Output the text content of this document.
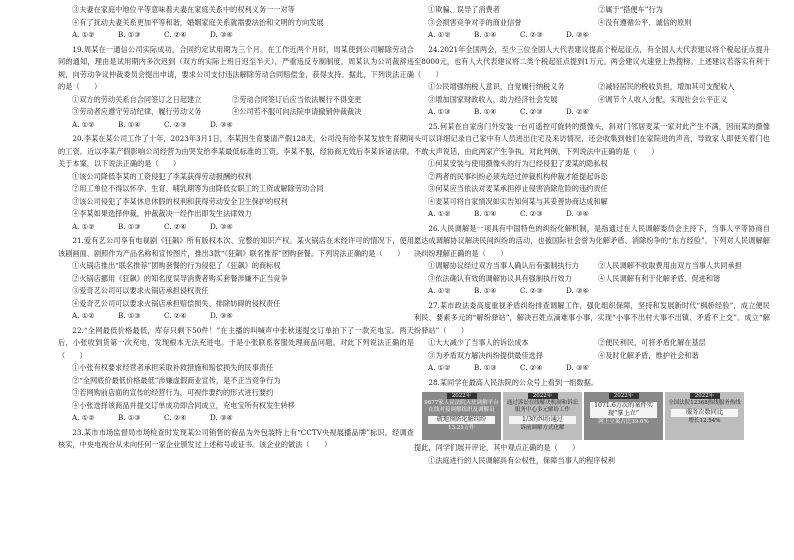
③夫妻在家庭中地位平等意味着夫妻在家庭关系中的权利义务一一对等
④有了抚动夫妻关系更加平等和谐，婚姻家庭关系就需要法治和文明的方向发展
A. ①②	B. ①③	C. ②④	D. ③④
19.周某在一通信公司实际成功，合同约定试用期为三个月。在工作近两个月时，周某使到公司解除劳动合同的通知，理由是试用期内多次迟到（双方的实际上班日迟至半天），严重违反专制制度。周某认为公司裁辞违规，向劳动争议仲裁委员会提出申请，要求公司支付违法解除劳动合同赔偿金，获得支持。据此，下列说法正确的是（　　）
①双方的劳动关系自合同签订之日起建立	②劳动合同签订后应当依法履行不得变更
③劳动者应遵守劳动纪律，履行劳动义务	④公司若不服可向法院申请撤销仲裁裁决
A. ①②	B. ①④	C. ②③	D. ③④
20.李某在某公司工作了十年，2023年3月1日，李某因生育要请产假128天，公司没有给李某发放生育期间的工资。近以李某产假影响公司经营为由哭发给李某最低标准的工资。李某不服，经协商无效后李某诉诸法律。关于本案，以下说法正确的是（　　）
①该公司降低李某的工资侵犯了李某获得劳动报酬的权利
②用工单位不得以怀孕、生育、哺乳期等为由降低女职工的工资或解除劳动合同
③该公司侵犯了李某休息休假的权利和获得劳动安全卫生保护的权利
④李某如果选择仲裁，仲裁裁决一经作出即发生法律效力
A. ①②	B. ①③	C. ②④	D. ③④
21.爱有艺公司享有电视剧《狂飙》所有版权本次、完整的知识产权。某火锅店在未经许可的情况下，使用该剧画面、剧照作为产品名称和宣传图片，推出3款“《狂飙》联名推荐”团购套餐。下列说法正确的是（　　）
①火锅店推出“联名推荐”团购套餐的行为侵犯了《狂飙》的商标权
②火锅店挪用《狂飙》的知名度误导消费者购买套餐涉嫌不正当竞争
③爱奇艺公司可以要求火锅店承担侵权责任
④爱奇艺公司可以要求火锅店承担赔偿损失、排除妨碍的侵权责任
A. ①②	B. ①③	C. ②④	D. ③④
22.“全网最低价格最低，库存只剩下50件！”在主播的叫喊声中张秋速提交订单拍下了一款充电宝。两天后，小张收到货第一次充电，发现根本无法充进电。于是小张联系客服处理商品问题。对此下列说法正确的是（　　）
①小张有权要求经营者承担采取补救措施和赔偿损失的民事责任
②“全网底价最低价格最低”涉嫌虚假商业宣传，是不正当竞争行为
③若网购前店面的宣传的经营行为，可视作要约的形式进行要约
④小张选择该商品并提交订单成功即合同成立，充电宝所有权发生转移
A. ①②	B. ①③	C. ②④	D. ③④
23.某市市场监督局市场检查时发现某公司销售的商品为外包装特上有“CCTV央视展播品牌”标识。经调查核实，中央电视台从未向任何一家企业颁发过上述称号或证书。该企业的做法（　　）
①欺骗、误导了消费者	②属于“搭便车”行为
③会损害竞争对手的商业信誉	④没有遵循公平、诚信的原则
A. ①②	B. ①④	C. ②③	D. ③④
24.2021年全国两会，至少三位全国人大代表建议提高个税起征点，有全国人大代表建议将个税起征点提升至8000元，也有人大代表建议将二类个税起征点提到1万元。两会建议火速登上热搜榜。上述建议若落实有利于（　　）
①公民增强纳税人意识，自觉履行纳税义务	②减轻居民的税收负担，增加其可支配收入
③增加国家财政收入，助力经济社会发展	④调节个人收入分配，实现社会公平正义
A. ①③	B. ①④	C. ②③	D. ②④
25.何某在自家房门外安装一台可遥控可旋转的摄像头，斜对门邻居麦某一家对此产生不满，因而某的摄像头可以详细记录自己家中有人员进出住宅及来访情况，还会收集到他们在家院进的声音，导致家人即使关着门也不敢大声说话，由此两家产生争执。对此判例，下列说法中正确的是（　　）
①何某安装与使用摄像头的行为已经侵犯了麦某的隐私权
②两者的民事纠纷必须先经过仲裁机构仲裁才能提起诉讼
③何某应当依法对麦某承担停止侵害消除危险的违约责任
④麦某可将自家情况如实告知何某与其妥善协商达成和解
A. ①②	B. ①④	C. ②③	D. ③④
26.人民调解是一项具有中国特色的纠纷化解机制，是指通过在人民调解委员会主持下，当事人平等协商自愿达成调解协议解决民间纠纷的活动，也被国际社会誉为化解矛盾、消除纷争的“东方经验”。下列对人民调解解决纠纷理解正确的是（　　）
①调解协议经过双方当事人确认后有强制执行力	②人民调解不收取费用由双方当事人共同承担
③依法确认有效的调解协议具有强制执行效力	④人民调解有利于化解矛盾、促进和谐
A. ①②	B. ①④	C. ②③	D. ③④
27.某市政法委高度重视矛盾纠纷排查调解工作，强化组织保障，坚持和发展新时代“枫桥经验”，成立便民利民、要素多元的“解纷驿站”，解决百姓点滴难事小事，实现“小事不出村大事不出镇、矛盾不上交”。成立“解纷驿站”（　　）
①大大减少了当事人的诉讼成本	②便民利民，可将矛盾化解在基层
③为矛盾双方解决纠纷提供最佳选择	④及时化解矛盾，维护社会和谐
A. ①②	B. ①③	C. ②④	D. ③④
28.某同学在最高人民法院的公众号上看到一组数据。
2022年
9677家人民法院入驻调解平台在线对接调解组织及调解员
就地预防化解纠纷
13.21万件
2022年
通过诉讼在线解决机制和诉讼服务中心多元解纷工作
1/3的纠纷通过
诉前调解方式化解
2022年
1071.6万次的案件实现“掌上立”
网上立案占比39.6%
2022年
全国法院12368热线服务热线
服务次数同比
增长12.54%
提此，同学们展开评论，其中观点正确的是（　　）
①法庭进行的人民调解具有公权性，保障当事人的程序权利
